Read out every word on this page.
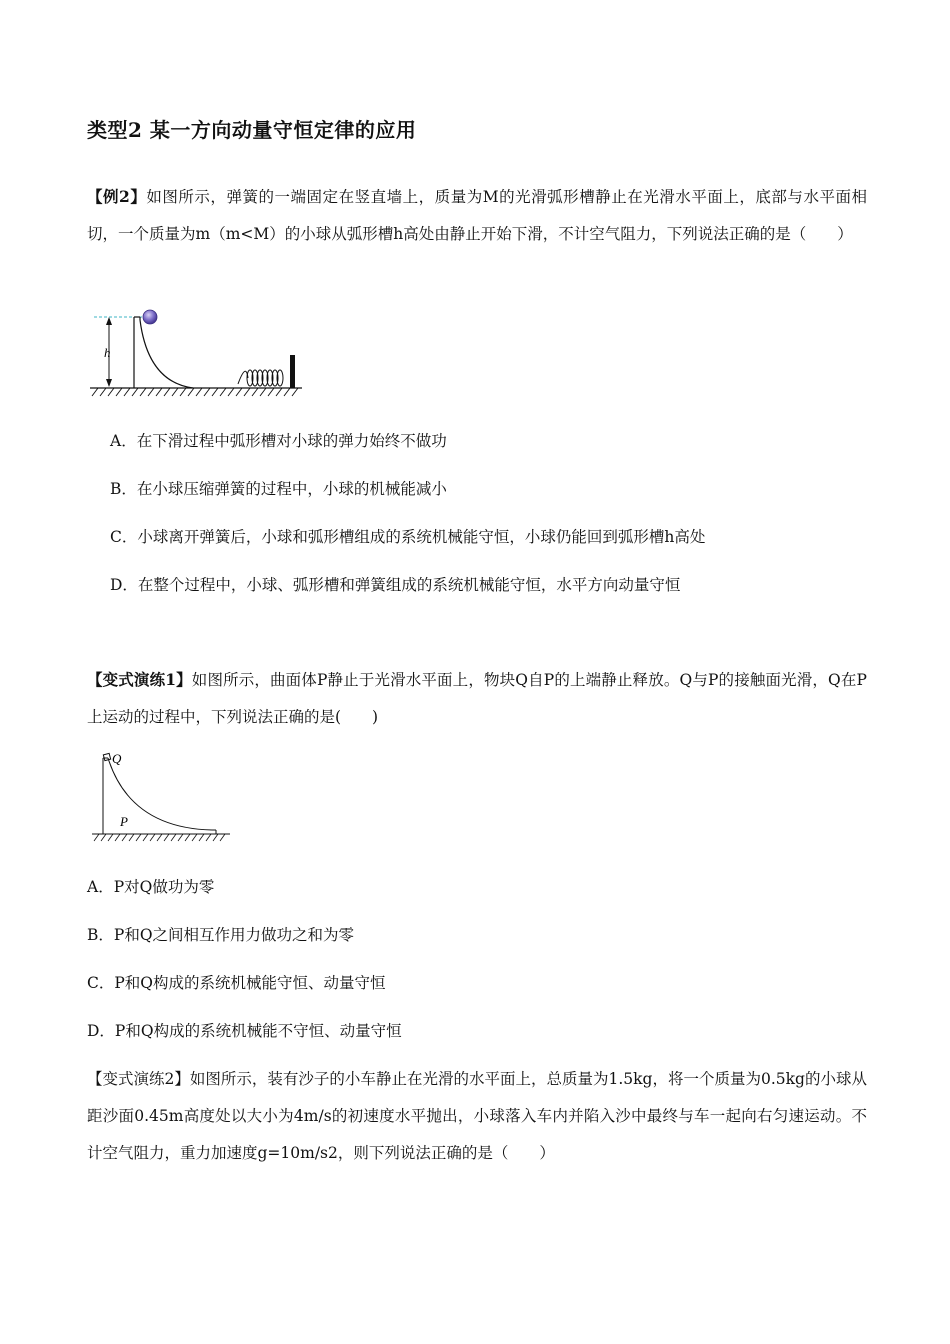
类型2 某一方向动量守恒定律的应用
【例2】如图所示，弹簧的一端固定在竖直墙上，质量为M的光滑弧形槽静止在光滑水平面上，底部与水平面相切，一个质量为m（m<M）的小球从弧形槽h高处由静止开始下滑，不计空气阻力，下列说法正确的是（　　）
h
A．在下滑过程中弧形槽对小球的弹力始终不做功
B．在小球压缩弹簧的过程中，小球的机械能减小
C．小球离开弹簧后，小球和弧形槽组成的系统机械能守恒，小球仍能回到弧形槽h高处
D．在整个过程中，小球、弧形槽和弹簧组成的系统机械能守恒，水平方向动量守恒
【变式演练1】如图所示，曲面体P静止于光滑水平面上，物块Q自P的上端静止释放。Q与P的接触面光滑，Q在P上运动的过程中，下列说法正确的是(　　)
Q
P
A．P对Q做功为零
B．P和Q之间相互作用力做功之和为零
C．P和Q构成的系统机械能守恒、动量守恒
D．P和Q构成的系统机械能不守恒、动量守恒
【变式演练2】如图所示，装有沙子的小车静止在光滑的水平面上，总质量为1.5kg，将一个质量为0.5kg的小球从距沙面0.45m高度处以大小为4m/s的初速度水平抛出，小球落入车内并陷入沙中最终与车一起向右匀速运动。不计空气阻力，重力加速度g=10m/s2，则下列说法正确的是（　　）
